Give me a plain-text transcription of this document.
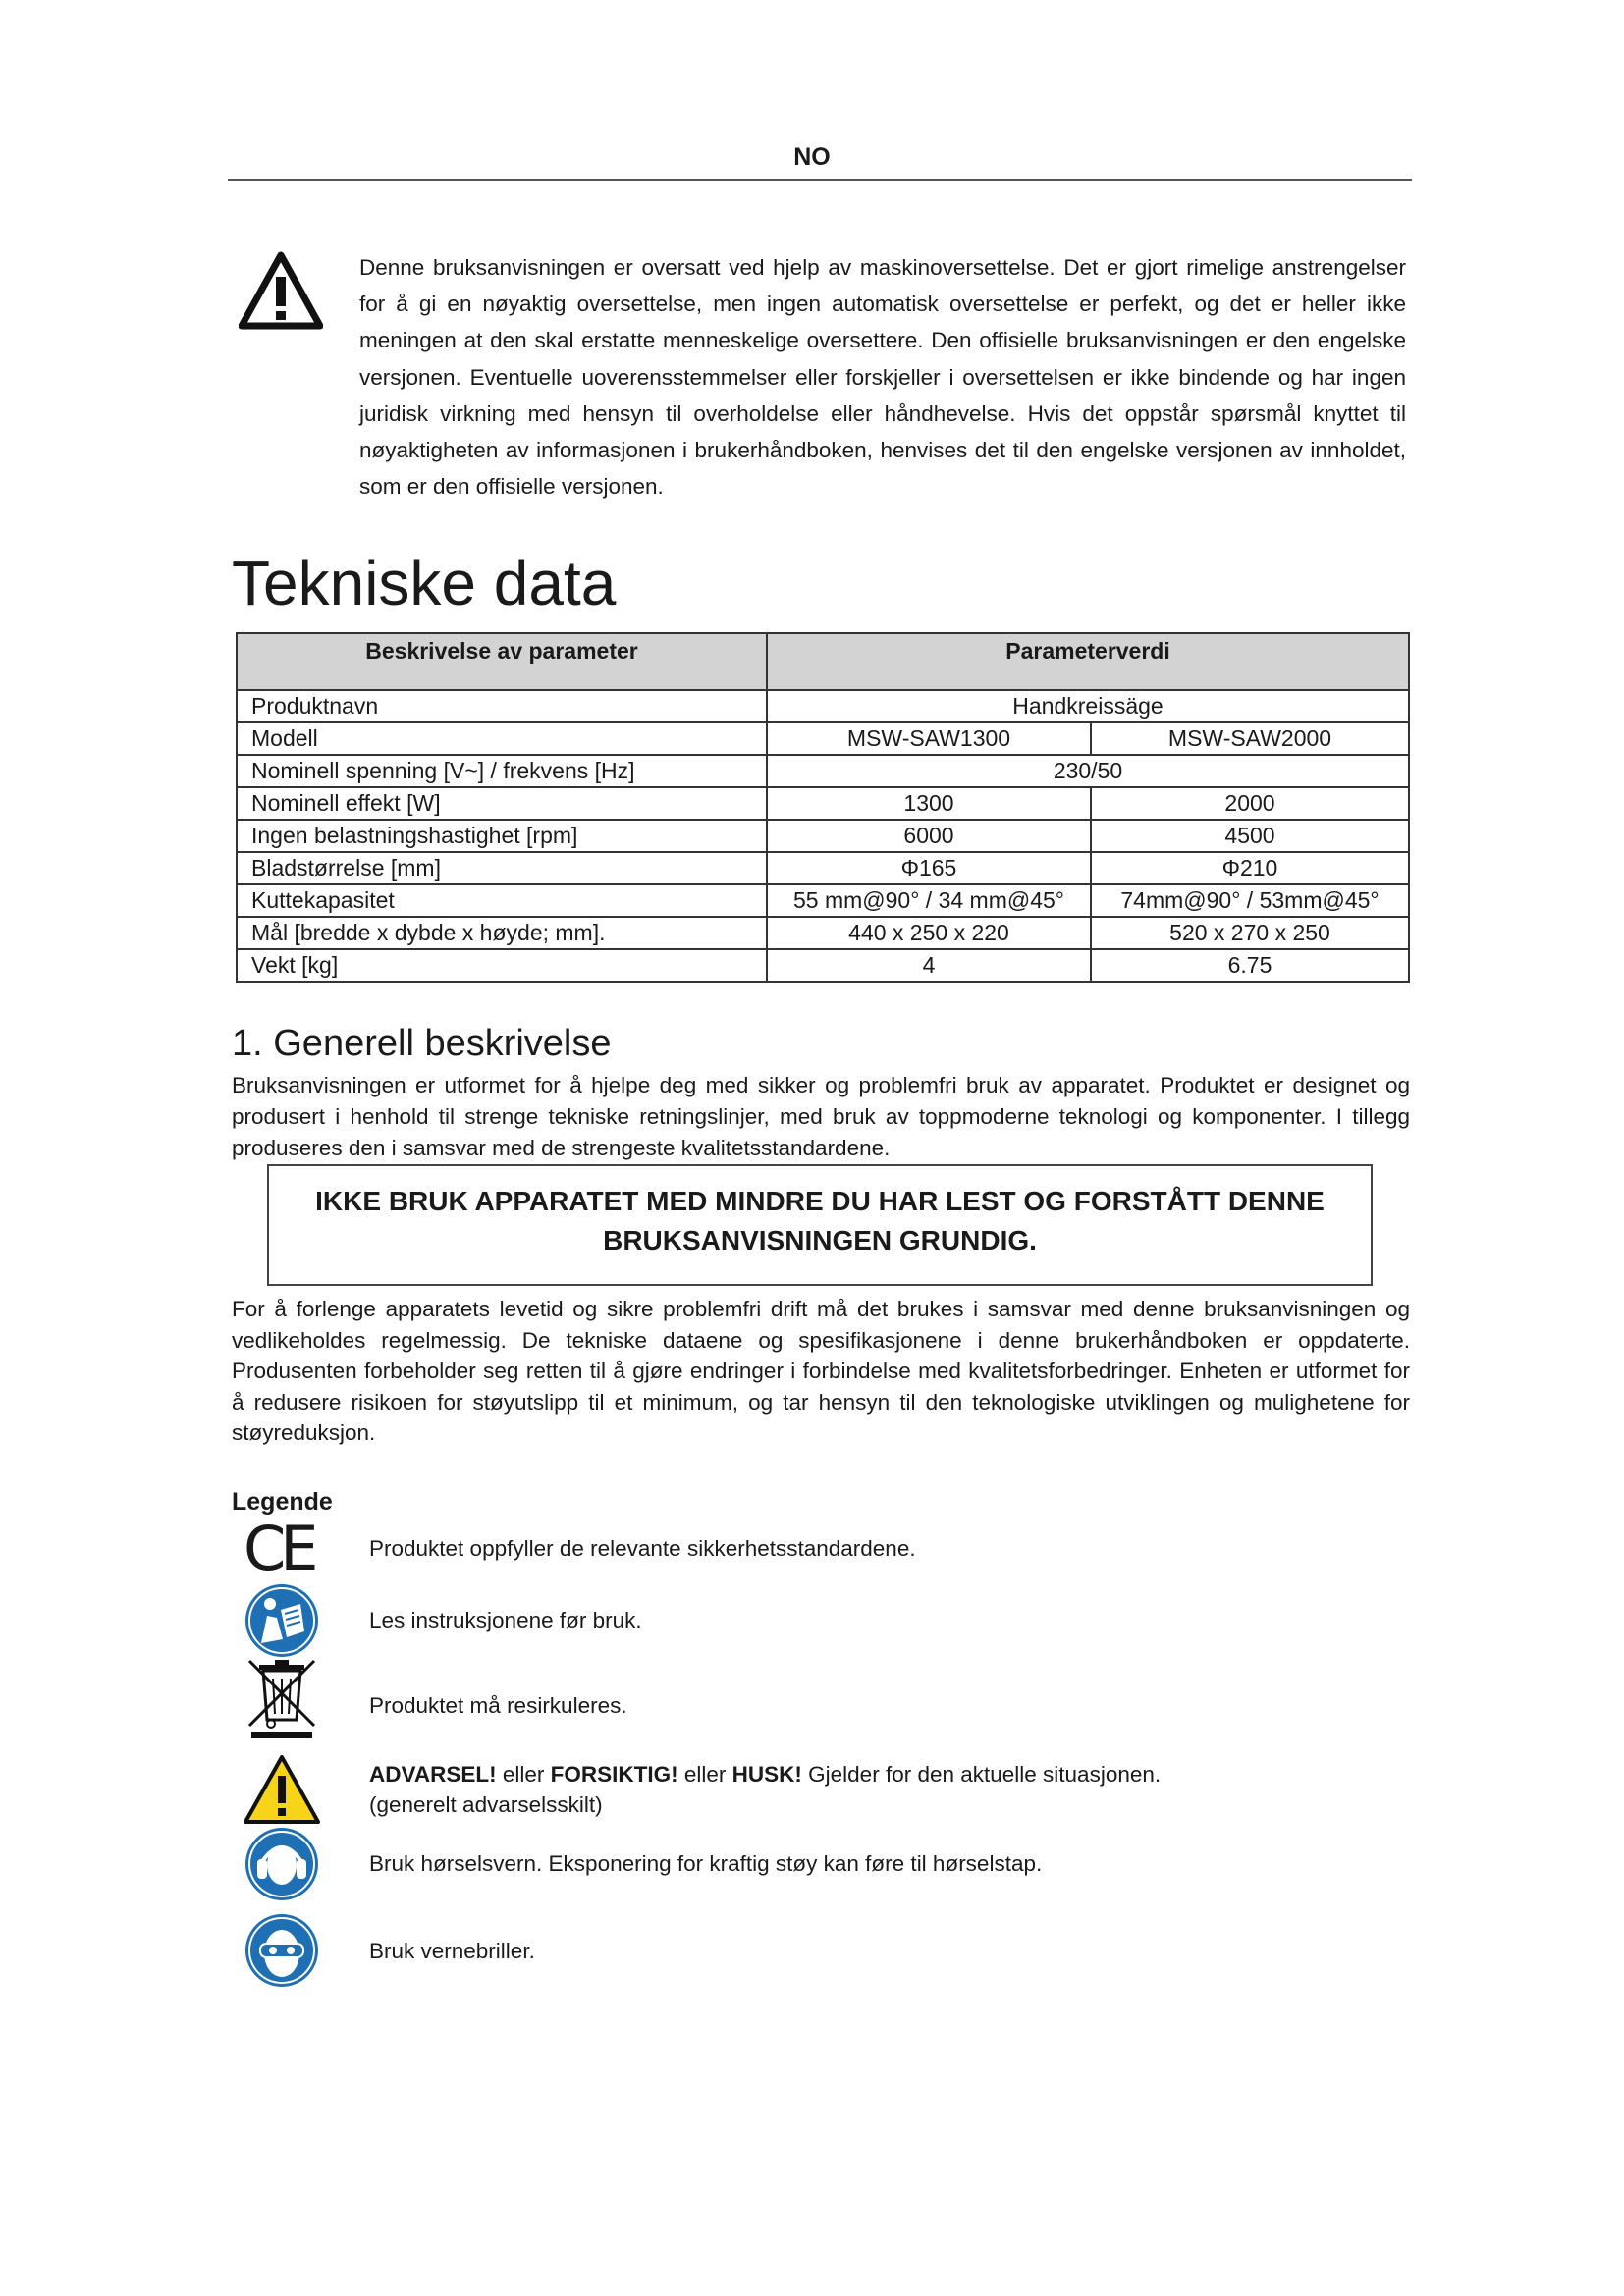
NO
Denne bruksanvisningen er oversatt ved hjelp av maskinoversettelse. Det er gjort rimelige anstrengelser for å gi en nøyaktig oversettelse, men ingen automatisk oversettelse er perfekt, og det er heller ikke meningen at den skal erstatte menneskelige oversettere. Den offisielle bruksanvisningen er den engelske versjonen. Eventuelle uoverensstemmelser eller forskjeller i oversettelsen er ikke bindende og har ingen juridisk virkning med hensyn til overholdelse eller håndhevelse. Hvis det oppstår spørsmål knyttet til nøyaktigheten av informasjonen i brukerhåndboken, henvises det til den engelske versjonen av innholdet, som er den offisielle versjonen.
Tekniske data
Beskrivelse av parameter	Parameterverdi	
Produktnavn	Handkreissäge	
Modell	MSW-SAW1300	MSW-SAW2000
Nominell spenning [V~] / frekvens [Hz]	230/50	
Nominell effekt [W]	1300	2000
Ingen belastningshastighet [rpm]	6000	4500
Bladstørrelse [mm]	Φ165	Φ210
Kuttekapasitet	55 mm@90° / 34 mm@45°	74mm@90° / 53mm@45°
Mål [bredde x dybde x høyde; mm].	440 x 250 x 220	520 x 270 x 250
Vekt [kg]	4	6.75
1. Generell beskrivelse
Bruksanvisningen er utformet for å hjelpe deg med sikker og problemfri bruk av apparatet. Produktet er designet og produsert i henhold til strenge tekniske retningslinjer, med bruk av toppmoderne teknologi og komponenter. I tillegg produseres den i samsvar med de strengeste kvalitetsstandardene.
IKKE BRUK APPARATET MED MINDRE DU HAR LEST OG FORSTÅTT DENNE
BRUKSANVISNINGEN GRUNDIG.
For å forlenge apparatets levetid og sikre problemfri drift må det brukes i samsvar med denne bruksanvisningen og vedlikeholdes regelmessig. De tekniske dataene og spesifikasjonene i denne brukerhåndboken er oppdaterte. Produsenten forbeholder seg retten til å gjøre endringer i forbindelse med kvalitetsforbedringer. Enheten er utformet for å redusere risikoen for støyutslipp til et minimum, og tar hensyn til den teknologiske utviklingen og mulighetene for støyreduksjon.
Legende
CE	Produktet oppfyller de relevante sikkerhetsstandardene.
Les instruksjonene før bruk.
Produktet må resirkuleres.
ADVARSEL! eller FORSIKTIG! eller HUSK! Gjelder for den aktuelle situasjonen.
(generelt advarselsskilt)
Bruk hørselsvern. Eksponering for kraftig støy kan føre til hørselstap.
Bruk vernebriller.
